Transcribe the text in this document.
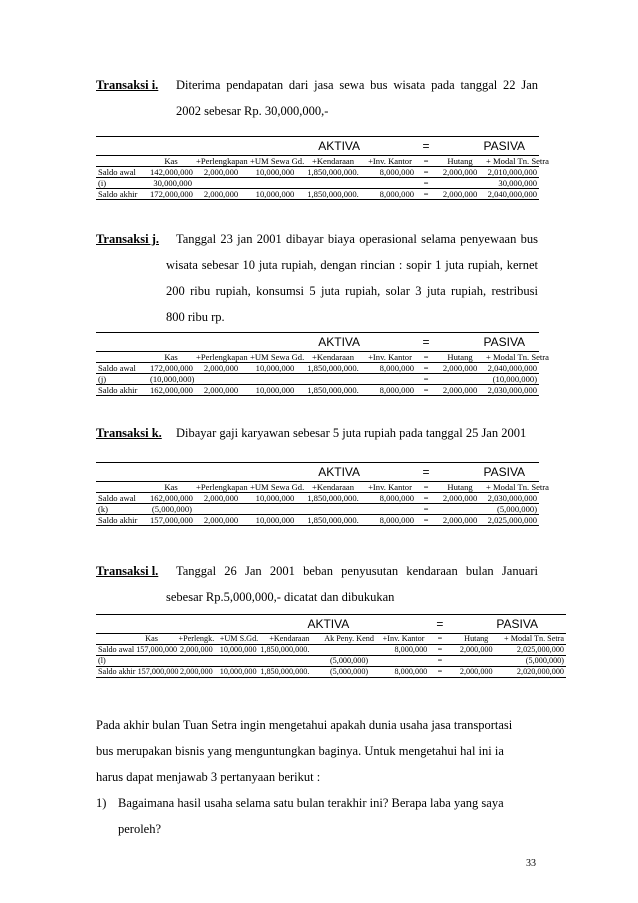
Transaksi i. Diterima pendapatan dari jasa sewa bus wisata pada tanggal 22 Jan
2002 sebesar Rp. 30,000,000,-
AKTIVA						=	PASIVA	
	Kas	+Perlengkapan	+UM Sewa Gd.	+Kendaraan	+Inv. Kantor	=	Hutang	+ Modal Tn. Setra
Saldo awal	142,000,000	2,000,000	10,000,000	1,850,000,000.	8,000,000	=	2,000,000	2,010,000,000
(i)	30,000,000					=		30,000,000
Saldo akhir	172,000,000	2,000,000	10,000,000	1,850,000,000.	8,000,000	=	2,000,000	2,040,000,000
Transaksi j. Tanggal 23 jan 2001 dibayar biaya operasional selama penyewaan bus
wisata sebesar 10 juta rupiah, dengan rincian : sopir 1 juta rupiah, kernet
200 ribu rupiah, konsumsi 5 juta rupiah, solar 3 juta rupiah, restribusi
800 ribu rp.
AKTIVA						=	PASIVA	
	Kas	+Perlengkapan	+UM Sewa Gd.	+Kendaraan	+Inv. Kantor	=	Hutang	+ Modal Tn. Setra
Saldo awal	172,000,000	2,000,000	10,000,000	1,850,000,000.	8,000,000	=	2,000,000	2,040,000,000
(j)	(10,000,000)					=		(10,000,000)
Saldo akhir	162,000,000	2,000,000	10,000,000	1,850,000,000.	8,000,000	=	2,000,000	2,030,000,000
Transaksi k. Dibayar gaji karyawan sebesar 5 juta rupiah pada tanggal 25 Jan 2001
AKTIVA						=	PASIVA	
	Kas	+Perlengkapan	+UM Sewa Gd.	+Kendaraan	+Inv. Kantor	=	Hutang	+ Modal Tn. Setra
Saldo awal	162,000,000	2,000,000	10,000,000	1,850,000,000.	8,000,000	=	2,000,000	2,030,000,000
(k)	(5,000,000)					=		(5,000,000)
Saldo akhir	157,000,000	2,000,000	10,000,000	1,850,000,000.	8,000,000	=	2,000,000	2,025,000,000
Transaksi l. Tanggal 26 Jan 2001 beban penyusutan kendaraan bulan Januari
sebesar Rp.5,000,000,- dicatat dan dibukukan
AKTIVA							=	PASIVA	
	Kas	+Perlengk.	+UM S.Gd.	+Kendaraan	Ak Peny. Kend	+Inv. Kantor	=	Hutang	+ Modal Tn. Setra
Saldo awal 157,000,000		2,000,000	10,000,000	1,850,000,000.		8,000,000	=	2,000,000	2,025,000,000
(l)					(5,000,000)		=		(5,000,000)
Saldo akhir 157,000,000		2,000,000	10,000,000	1,850,000,000.	(5,000,000)	8,000,000	=	2,000,000	2,020,000,000
Pada akhir bulan Tuan Setra ingin mengetahui apakah dunia usaha jasa transportasi
bus merupakan bisnis yang menguntungkan baginya. Untuk mengetahui hal ini ia
harus dapat menjawab 3 pertanyaan berikut :
1) Bagaimana hasil usaha selama satu bulan terakhir ini? Berapa laba yang saya
peroleh?
33
